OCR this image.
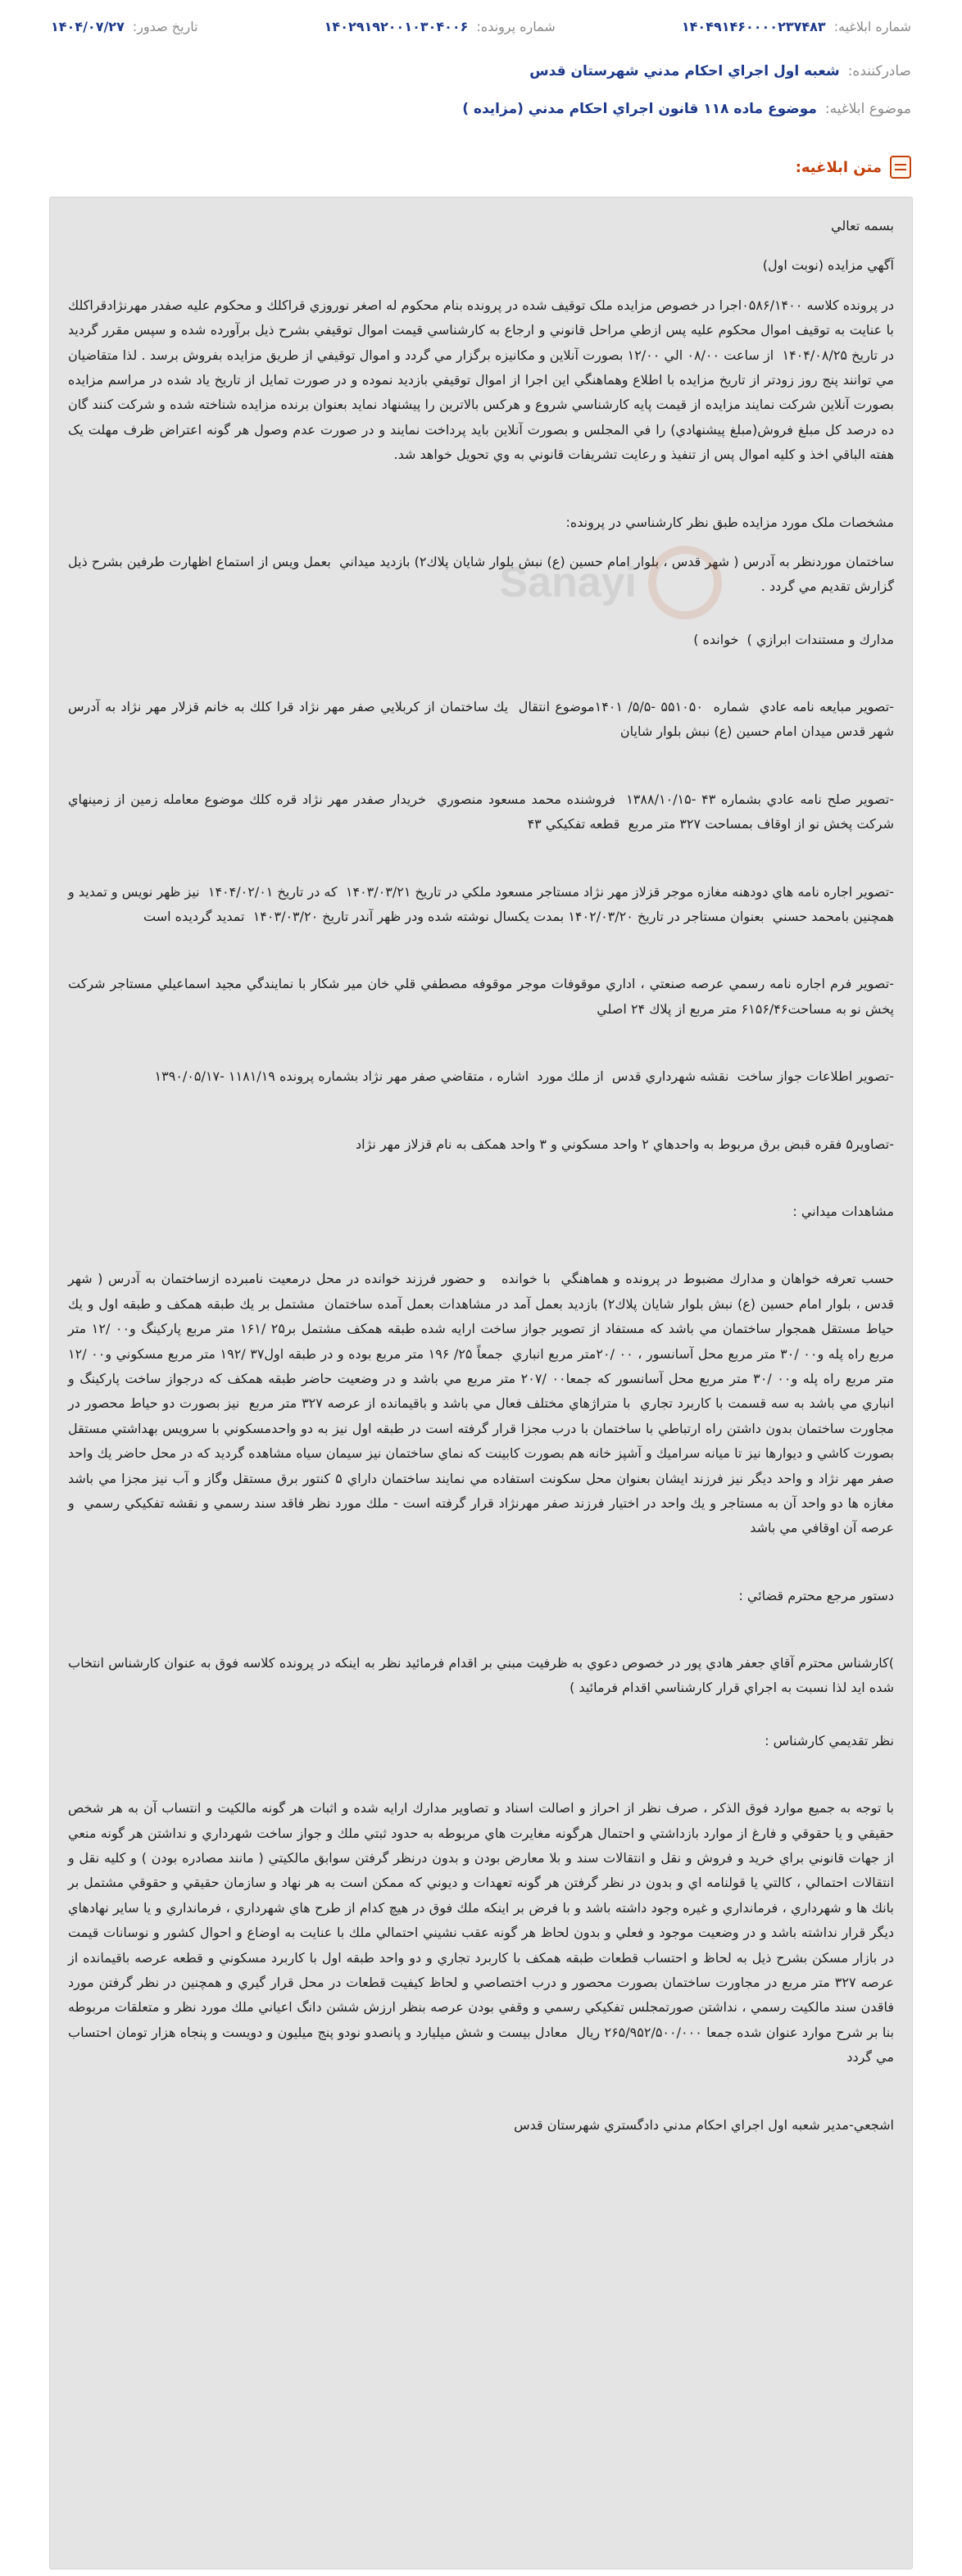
شماره ابلاغيه:
۱۴۰۴۹۱۴۶۰۰۰۰۲۳۷۴۸۳
شماره پرونده:
۱۴۰۲۹۱۹۲۰۰۱۰۳۰۴۰۰۶
تاريخ صدور:
۱۴۰۴/۰۷/۲۷
صادرکننده:
شعبه اول اجراي احکام مدني شهرستان قدس
موضوع ابلاغيه:
موضوع ماده ۱۱۸ قانون اجراي احكام مدني (مزايده )
متن ابلاغيه:
Sanayi

بسمه تعالي

آگهي مزايده (نوبت اول)

در پرونده کلاسه ۰۵۸۶/۱۴۰۰اجرا در خصوص مزايده ملک توقيف شده در پرونده بنام محکوم له اصغر نوروزي قراكلك و محکوم عليه صفدر مهرنژادقراكلك با عنايت به توقيف اموال محکوم عليه پس ازطي مراحل قانوني و ارجاع به کارشناسي قيمت اموال توقيفي بشرح ذيل برآورده شده و سپس مقرر گرديد در تاريخ ۱۴۰۴/۰۸/۲۵  از ساعت ۰۸/۰۰ الي ۱۲/۰۰ بصورت آنلاين و مکانيزه برگزار مي گردد و اموال توقيفي از طريق مزايده بفروش برسد . لذا متقاضيان مي توانند پنج روز زودتر از تاريخ مزايده با اطلاع وهماهنگي اين اجرا از اموال توقيفي بازديد نموده و در صورت تمايل از تاريخ ياد شده در مراسم مزايده بصورت آنلاين شرکت نمايند مزايده از قيمت پايه کارشناسي شروع و هرکس بالاترين را پيشنهاد نمايد بعنوان برنده مزايده شناخته شده و شرکت کنند گان ده درصد کل مبلغ فروش(مبلغ پيشنهادي) را في المجلس و بصورت آنلاين بايد پرداخت نمايند و در صورت عدم وصول هر گونه اعتراض ظرف مهلت يک هفته الباقي اخذ و کليه اموال پس از تنفيذ و رعايت تشريفات قانوني به وي تحويل خواهد شد.

مشخصات ملک مورد مزايده طبق نظر كارشناسي در پرونده:

ساختمان موردنظر به آدرس ( شهر قدس ، بلوار امام حسين (ع) نبش بلوار شايان پلاك۲) بازديد ميداني  بعمل ويس از استماع اظهارت طرفين بشرح ذيل گزارش تقديم مي گردد .

مدارك و مستندات ابرازي )  خوانده )

-تصوير مبايعه نامه عادي  شماره  ۵۵۱۰۵۰ -۵/۵/ ۱۴۰۱موضوع انتقال  يك ساختمان از كربلايي صفر مهر نژاد قرا كلك به خانم قزلار مهر نژاد به آدرس شهر قدس ميدان امام حسين (ع) نبش بلوار شايان

-تصوير صلح نامه عادي بشماره ۴۳ -۱۳۸۸/۱۰/۱۵  فروشنده محمد مسعود منصوري  خريدار صفدر مهر نژاد قره كلك موضوع معامله زمين از زمينهاي شركت پخش نو از اوقاف بمساحت ۳۲۷ متر مربع  قطعه تفكيكي ۴۳

-تصوير اجاره نامه هاي دودهنه مغازه موجر قزلاز مهر نژاد مستاجر مسعود ملكي در تاريخ ۱۴۰۳/۰۳/۲۱  كه در تاريخ ۱۴۰۴/۰۲/۰۱  نيز ظهر نويس و تمديد و همچنين بامحمد حسني  بعنوان مستاجر در تاريخ ۱۴۰۲/۰۳/۲۰ بمدت يكسال نوشته شده ودر ظهر آندر تاريخ ۱۴۰۳/۰۳/۲۰  تمديد گرديده است

-تصوير فرم اجاره نامه رسمي عرصه صنعتي ، اداري موقوفات موجر موقوفه مصطفي قلي خان مير شكار با نمايندگي مجيد اسماعيلي مستاجر شركت پخش نو به مساحت۶۱۵۶/۴۶ متر مربع از پلاك ۲۴ اصلي

-تصوير اطلاعات جواز ساخت  نقشه شهرداري قدس  از ملك مورد  اشاره ، متقاضي صفر مهر نژاد بشماره پرونده ۱۱۸۱/۱۹ -۱۳۹۰/۰۵/۱۷

-تصاوير۵ فقره قبض برق مربوط به واحدهاي ۲ واحد مسكوني و ۳ واحد همكف به نام قزلاز مهر نژاد

مشاهدات ميداني :

حسب تعرفه خواهان و مدارك مضبوط در پرونده و هماهنگي  با خوانده   و حضور فرزند خوانده در محل درمعيت نامبرده ازساختمان به آدرس ( شهر قدس ، بلوار امام حسين (ع) نبش بلوار شايان پلاك۲) بازديد بعمل آمد در مشاهدات بعمل آمده ساختمان  مشتمل بر يك طبقه همكف و طبقه اول و يك حياط مستقل همجوار ساختمان مي باشد كه مستفاد از تصوير جواز ساخت ارايه شده طبقه همكف مشتمل بر۲۵ /۱۶۱ متر مربع پاركينگ و۰۰ /۱۲ متر مربع راه پله و۰۰ /۳۰ متر مربع محل آسانسور ، ۰۰ /۲۰متر مربع انباري  جمعاً ۲۵/ ۱۹۶ متر مربع بوده و در طبقه اول۳۷ /۱۹۲ متر مربع مسكوني و۰۰ /۱۲ متر مربع راه پله و۰۰ /۳۰ متر مربع محل آسانسور كه جمعا۰۰ /۲۰۷ متر مربع مي باشد و در وضعيت حاضر طبقه همكف كه درجواز ساخت پاركينگ و انباري مي باشد به سه قسمت با كاربرد تجاري  با متراژهاي مختلف فعال مي باشد و باقيمانده از عرصه ۳۲۷ متر مربع  نيز بصورت دو حياط محصور در مجاورت ساختمان بدون داشتن راه ارتباطي با ساختمان با درب مجزا قرار گرفته است در طبقه اول نيز به دو واحدمسكوني با سرويس بهداشتي مستقل بصورت كاشي و ديوارها نيز تا ميانه سراميك و آشپز خانه هم بصورت كابينت كه نماي ساختمان نيز سيمان سياه مشاهده گرديد كه در محل حاضر يك واحد صفر مهر نژاد و واحد ديگر نيز فرزند ايشان بعنوان محل سكونت استفاده مي نمايند ساختمان داراي ۵ كنتور برق مستقل وگاز و آب نيز مجزا مي باشد مغازه ها دو واحد آن به مستاجر و يك واحد در اختيار فرزند صفر مهرنژاد قرار گرفته است - ملك مورد نظر فاقد سند رسمي و نقشه تفكيكي رسمي  و عرصه آن اوقافي مي باشد

دستور مرجع محترم قضائي :

)كارشناس محترم آقاي جعفر هادي پور در خصوص دعوي به ظرفيت مبني بر اقدام فرمائيد نظر به اينكه در پرونده كلاسه فوق به عنوان كارشناس انتخاب شده ايد لذا نسبت به اجراي قرار كارشناسي اقدام فرمائيد )

نظر تقديمي كارشناس :

با توجه به جميع موارد فوق الذكر ، صرف نظر از احراز و اصالت اسناد و تصاوير مدارك ارايه شده و اثبات هر گونه مالكيت و انتساب آن به هر شخص حقيقي و يا حقوقي و فارغ از موارد بازداشتي و احتمال هرگونه مغايرت هاي مربوطه به حدود ثبتي ملك و جواز ساخت شهرداري و نداشتن هر گونه منعي از جهات قانوني براي خريد و فروش و نقل و انتقالات سند و بلا معارض بودن و بدون درنظر گرفتن سوابق مالكيتي ( مانند مصادره بودن ) و كليه نقل و انتقالات احتمالي ، كالتي يا قولنامه اي و بدون در نظر گرفتن هر گونه تعهدات و ديوني كه ممكن است به هر نهاد و سازمان حقيقي و حقوقي مشتمل بر بانك ها و شهرداري ، فرمانداري و غيره وجود داشته باشد و با فرض بر اينكه ملك فوق در هيچ كدام از طرح هاي شهرداري ، فرمانداري و يا ساير نهادهاي ديگر قرار نداشته باشد و در وضعيت موجود و فعلي و بدون لحاظ هر گونه عقب نشيني احتمالي ملك با عنايت به اوضاع و احوال كشور و نوسانات قيمت در بازار مسكن بشرح ذيل به لحاظ و احتساب قطعات طبقه همكف با كاربرد تجاري و دو واحد طبقه اول با كاربرد مسكوني و قطعه عرصه باقيمانده از عرصه ۳۲۷ متر مربع در مجاورت ساختمان بصورت محصور و درب اختصاصي و لحاظ كيفيت قطعات در محل قرار گيري و همچنين در نظر گرفتن مورد فاقدن سند مالكيت رسمي ، نداشتن صورتمجلس تفكيكي رسمي و وقفي بودن عرصه بنظر ارزش ششن دانگ اعياني ملك مورد نظر و متعلقات مربوطه بنا بر شرح موارد عنوان شده جمعا ۲۶۵/۹۵۲/۵۰۰/۰۰۰ ريال  معادل بيست و شش ميليارد و پانصدو نودو پنج ميليون و دويست و پنجاه هزار تومان احتساب مي گردد

اشجعي-مدير شعبه اول اجراي احكام مدني دادگستري شهرستان قدس
